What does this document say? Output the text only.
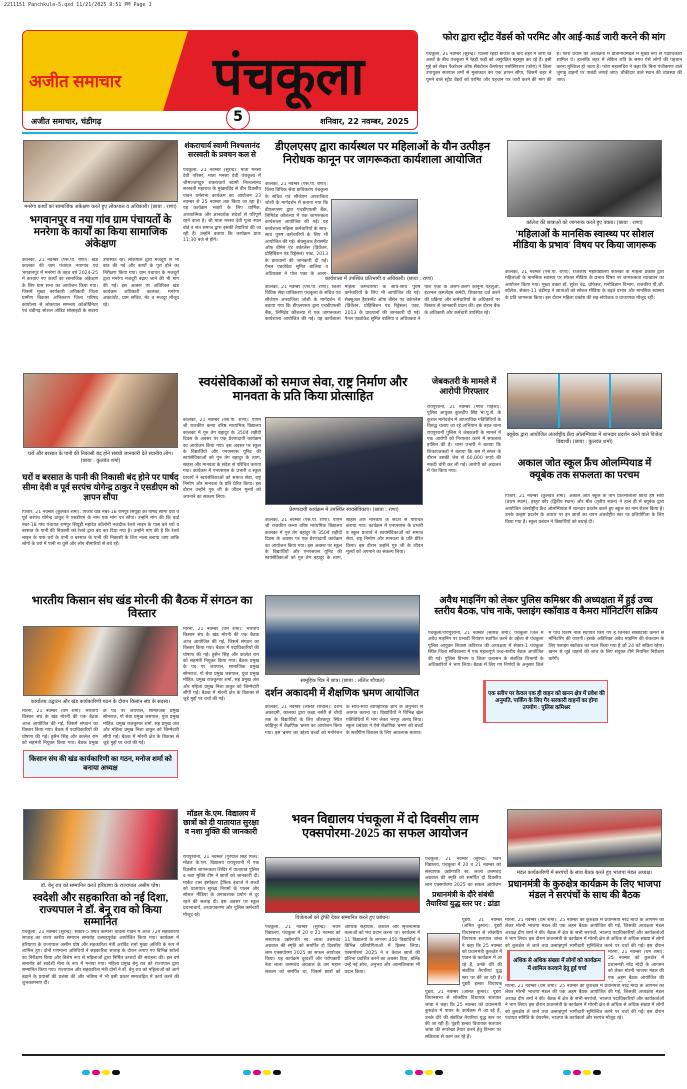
2211151 Panchkula-5.qxd 11/21/2025 9:51 PM Page 1
अजीत समाचार पंचकूला
अजीत समाचार, चंडीगढ़	शनिवार, 22 नवम्बर, 2025
5
फोरा द्वारा स्ट्रीट वेंडर्स को परमिट और आई-कार्ड जारी करने की मांग
पंचकूला, 21 नवम्बर (सुरेन्द्र): दिल्ली रेहड़ी बाजार के बाद शहर में जारी रेड अलर्ट के बीच पंचकूला में रेहड़ी फड़ी को असुरक्षित महसूस कर रहे हैं। इसी मुद्दे को लेकर फैडरेशन ऑफ सैक्टोरल वैलफेयर एसोसिएशन (फोरा) ने जिला उपायुक्त सतपाल शर्मा से मुलाकात कर एक ज्ञापन सौंपा, जिसमें शहर में घूमने वाले स्ट्रीट वेंडरों को परमिट और पहचान पत्र जारी करने की मांग की है। फोरा प्रधान की अध्यक्षता में प्रतिनिधिमंडल में मुख्य रूप से पदाधिकारी शामिल थे। हालांकि शहर में लेकिन रात्रि के समय ऐसे लोगों की पहचान करना मुश्किल हो जाता है। फोरा महासचिव ने कहा कि बिना पंजीकरण वाले जुगाड़ू वाहनों पर पाबंदी लगाई जाए। चौकीदार वाले स्थान की व्यवस्था की जाए।
मनरेगा कार्यों का सामाजिक अंकेक्षण करते हुए लोकपाल व अधिकारी। (छाया : राणा)
भगवानपुर व नया गांव ग्राम पंचायतों के मनरेगा के कार्यों का किया सामाजिक अंकेक्षण
कालका, 21 नवम्बर (एस.पी. राणा): खंड कालका की ग्राम पंचायत नयागांव एवं भगवानपुर में मनरेगा के तहत वर्ष 2024-25 में करवाए गए कार्यों का सामाजिक अंकेक्षण के लिए ग्राम सभा का आयोजन किया गया। जिसमें मुख्य कार्यकारी अधिकारी जिला ग्रामीण विकास अभिकरण जिला परिषद कार्यालय से लोकपाल समन्वय कोऑर्डिनेटर एवं चंडीगढ़ सोशल ऑडिट सोसाइटी के सदस्य उपस्थित रहे। लोकपाल द्वारा मजदूरों से भी बात की गई और कार्यों के पूरा होने का निरीक्षण किया गया। ग्राम पंचायत के मजदूरों द्वारा मनरेगा मजदूरी बढ़ाए जाने की भी मांग की गई। इस अवसर पर अतिरिक्त खंड कार्यक्रम अधिकारी कालका, मनरेगा अकाउंटेंट, ग्राम सचिव, मेट व मजदूर मौजूद रहे।
शंकराचार्य स्वामी निश्चलानंद सरस्वती के प्रवचन कल से
पंचकूला, 21 नवम्बर (सुरेन्द्र): माता मनसा देवी परिसर, माता मनसा देवी पंचकूला में श्रीमज्जगद्गुरु शंकराचार्य स्वामी निश्चलानंद सरस्वती महाराज के मुखारविंद से तीन दिवसीय पावन धर्मसभा कार्यक्रम का आयोजन 23 नवम्बर से 25 नवम्बर तक किया जा रहा है। यह कार्यक्रम भक्तों के लिए धार्मिक, आध्यात्मिक और ज्ञानवर्धक संदेशों से परिपूर्ण रहने वाला है। श्री माता मनसा देवी पूजा स्थल बोर्ड व संत समाज द्वारा इसकी तैयारियां की जा रही हैं। उन्होंने बताया कि कार्यक्रम प्रातः 11:30 बजे से होंगे।
डीएलएसए द्वारा कार्यस्थल पर महिलाओं के यौन उत्पीड़न निरोधक कानून पर जागरूकता कार्यशाला आयोजित
कार्यशाला में उपस्थित प्रतिभागी व अधिकारी। (छाया : राणा)
कालका, 21 नवम्बर (एस.पी. राणा): जिला विधिक सेवा प्राधिकरण पंचकूला के सचिव एवं सीजेएम अपराजिता जोशी के मार्गदर्शन में बताया गया कि डीएलएसए द्वारा एचडीएफसी बैंक, लिमिटेड कौशल्या में एक जागरूकता कार्यशाला आयोजित की गई। यह कार्यशाला महिला कर्मचारियों के साथ-साथ पुरुष कर्मचारियों के लिए भी आयोजित की गई। सेक्सुअल हैरासमेंट ऑफ वीमेन एट वर्कप्लेस (प्रिवेंशन, प्रोहिबिशन एंड रिड्रेसल) एक्ट, 2013 के प्रावधानों की जानकारी दी गई। पैनल एडवोकेट सुमित बालिया व अधिवक्ता ने पोश एक्ट के अलग-
कालका, 21 नवम्बर (एस.पी. राणा): जिला विधिक सेवा प्राधिकरण पंचकूला के सचिव एवं सीजेएम अपराजिता जोशी के मार्गदर्शन में बताया गया कि डीएलएसए द्वारा एचडीएफसी बैंक, लिमिटेड कौशल्या में एक जागरूकता कार्यशाला आयोजित की गई। यह कार्यशाला महिला कर्मचारियों के साथ-साथ पुरुष कर्मचारियों के लिए भी आयोजित की गई। सेक्सुअल हैरासमेंट ऑफ वीमेन एट वर्कप्लेस (प्रिवेंशन, प्रोहिबिशन एंड रिड्रेसल) एक्ट, 2013 के प्रावधानों की जानकारी दी गई। पैनल एडवोकेट सुमित बालिया व अधिवक्ता ने पोश एक्ट के अलग-अलग कानूनी पहलुओं, इंटरनल कम्प्लेंट्स कमेटी, शिकायत दर्ज करने की प्रक्रिया और कर्मचारियों के अधिकारों पर विस्तार से जानकारी प्रदान की। इस दौरान बैंक के अधिकारी और कर्मचारी उपस्थित रहे।
कॉलेज की छात्राओं को जागरूक करते हुए वक्ता। (छाया : राणा)
'महिलाओं के मानसिक स्वास्थ्य पर सोशल मीडिया के प्रभाव' विषय पर किया जागरूक
कालका, 21 नवम्बर (एस.पी. राणा): राजकीय महाविद्यालय कालका के महिला प्रकोष्ठ द्वारा महिलाओं के मानसिक स्वास्थ्य पर सोशल मीडिया के प्रभाव विषय पर जागरूकता व्याख्यान का आयोजन किया गया। मुख्य वक्ता डॉ. सुरेश चंद्र, प्रोफेसर, मनोविज्ञान विभाग, राजकीय पी.जी. कॉलेज, सेक्टर-11 चंडीगढ़ ने छात्राओं को सोशल मीडिया के बढ़ते प्रभाव और मानसिक स्वास्थ्य के प्रति जागरूक किया। इस दौरान महिला प्रकोष्ठ की सह-संयोजक व प्राध्यापक मौजूद रहीं।
घरों और बरसात के पानी की निकासी बंद होने संबंधी जानकारी देते स्थानीय लोग। (छाया : कुलवंत शर्मा)
घरों व बरसात के पानी की निकासी बंद होने पर पार्षद सीमा देवी व पूर्व सरपंच योगेन्द्र ठाकुर ने एसडीएम को ज्ञापन सौंपा
पिंजौर, 21 नवम्बर (कुलवंत शर्मा): पिंजौर वार्ड नंबर-18 रामपुर सियूड़ी की पार्षद सीमा देवी व पूर्व सरपंच योगेन्द्र ठाकुर ने एसडीएम के नाम एक मांग पत्र सौंपा। उन्होंने मांग की कि वार्ड नंबर-18 गांव पंचायत रामपुर सियूड़ी महादेव कॉलोनी नजदीक रेलवे लाइन के पास बने घरों व बरसात के पानी की निकासी को रेलवे द्वारा बंद कर दिया गया है। उन्होंने मांग की है कि रेलवे लाइन के पास घरों के पानी व बरसात के पानी की निकासी के लिए नाला बनाया जाए ताकि लोगों के घरों में पानी ना घुसे और लोग बीमारियों से बचे रहें।
स्वयंसेविकाओं को समाज सेवा, राष्ट्र निर्माण और मानवता के प्रति किया प्रोत्साहित
कालका, 21 नवम्बर (एस.पी. राणा): पीएम श्री राजकीय कन्या वरिष्ठ माध्यमिक विद्यालय कालका में गुरु तेग बहादुर के 350वें शहीदी दिवस के अवसर पर एक प्रेरणादायी कार्यक्रम का आयोजन किया गया। इस अवसर पर स्कूल के विद्यार्थियों और एनएसएस यूनिट की स्वयंसेविकाओं को गुरु तेग बहादुर के त्याग, साहस और मानवता के संदेश से परिचित कराया गया। कार्यक्रम में एनएसएस के प्रभारी व स्कूल प्राचार्य ने स्वयंसेविकाओं को समाज सेवा, राष्ट्र निर्माण और मानवता के प्रति प्रेरित किया। इस दौरान उन्होंने गुरु जी के जीवन मूल्यों को अपनाने का संकल्प लिया।
प्रेरणादायी कार्यक्रम में उपस्थित स्वयंसेविकाएं। (छाया : राणा)
कालका, 21 नवम्बर (एस.पी. राणा): पीएम श्री राजकीय कन्या वरिष्ठ माध्यमिक विद्यालय कालका में गुरु तेग बहादुर के 350वें शहीदी दिवस के अवसर पर एक प्रेरणादायी कार्यक्रम का आयोजन किया गया। इस अवसर पर स्कूल के विद्यार्थियों और एनएसएस यूनिट की स्वयंसेविकाओं को गुरु तेग बहादुर के त्याग, साहस और मानवता के संदेश से परिचित कराया गया। कार्यक्रम में एनएसएस के प्रभारी व स्कूल प्राचार्य ने स्वयंसेविकाओं को समाज सेवा, राष्ट्र निर्माण और मानवता के प्रति प्रेरित किया। इस दौरान उन्होंने गुरु जी के जीवन मूल्यों को अपनाने का संकल्प लिया।
जेबकतरी के मामले में आरोपी गिरफ्तार
रायपुररानी, 21 नवम्बर (नरेश गेहिला): पुलिस आयुक्त कुलदीप सिंह भा.पु.से. के कुशल मार्गदर्शन में आपराधिक गतिविधियों के विरुद्ध चलाए जा रहे अभियान के तहत थाना रायपुररानी पुलिस ने जेबकतरी के मामले में एक आरोपी को गिरफ्तार करने में सफलता हासिल की है। थाना प्रभारी ने बताया कि शिकायतकर्ता ने बताया कि बस में सफर के दौरान उसकी जेब से 60,000 रुपये की नकदी चोरी कर ली गई। आरोपी को अदालत में पेश किया गया।
क्यूबेक द्वारा आयोजित अंतर्राष्ट्रीय फ्रैंच ओलम्पियाड में शानदार प्रदर्शन करने वाले विजेता विद्यार्थी। (छाया : कुलवंत शर्मा)
अकाल जोत स्कूल फ्रैंच ओलम्पियाड में क्यूबेक तक सफलता का परचम
पिंजौर, 21 नवम्बर (कुलवंत शर्मा): अकाल जोत स्कूल के तीन प्रतिभाशाली छात्रों हर्ष सीरा (प्रथम स्थान), हरहुर कौर (द्वितीय स्थान) और मीत (तृतीय स्थान) ने हाल ही में क्यूबेक द्वारा आयोजित अंतर्राष्ट्रीय फ्रैंच ओलम्पियाड में शानदार प्रदर्शन करते हुए स्कूल का नाम रोशन किया है। उनके उत्कृष्ट प्रदर्शन के आधार पर इन छात्रों का चयन अंतर्राष्ट्रीय स्तर पर प्रतियोगिता के लिए किया गया है। स्कूल प्रबंधन ने विद्यार्थियों को बधाई दी।
भारतीय किसान संघ खंड मोरनी की बैठक में संगठन का विस्तार
कार्यालय उद्घाटन और खंड कार्यकारिणी गठन के दौरान किसान संघ के सदस्य।
मोरनी, 21 नवम्बर (धर्म शर्मा): भारतीय किसान संघ के खंड मोरनी की एक बैठक आज आयोजित की गई, जिसमें संगठन का विस्तार किया गया। बैठक में पदाधिकारियों की घोषणा की गई। हुसैन सिंह और कालेश राम को सहमंत्री नियुक्त किया गया। बैठक प्रमुख के पद पर जयपाल, सामाजिक प्रमुख सोमराज, गौ सेवा प्रमुख जसपाल, युवा प्रमुख मोहित, प्रमुख राजकुमार शर्मा, सह प्रमुख अंश और महिला प्रमुख निशा ठाकुर को जिम्मेदारी सौंपी गई। बैठक में मोरनी क्षेत्र के विकास से जुड़े मुद्दों पर चर्चा की गई।
किसान संघ की खंड कार्यकारिणी का गठन, मनोज शर्मा को बनाया अध्यक्ष
मोरनी, 21 नवम्बर (धर्म शर्मा): भारतीय किसान संघ के खंड मोरनी की एक बैठक आज आयोजित की गई, जिसमें संगठन का विस्तार किया गया। बैठक में पदाधिकारियों की घोषणा की गई। हुसैन सिंह और कालेश राम को सहमंत्री नियुक्त किया गया। बैठक प्रमुख के पद पर जयपाल, सामाजिक प्रमुख सोमराज, गौ सेवा प्रमुख जसपाल, युवा प्रमुख मोहित, प्रमुख राजकुमार शर्मा, सह प्रमुख अंश और महिला प्रमुख निशा ठाकुर को जिम्मेदारी सौंपी गई। बैठक में मोरनी क्षेत्र के विकास से जुड़े मुद्दों पर चर्चा की गई।
सामूहिक चित्र में छात्र। (छाया : ललित शौचाल)
दर्शन अकादमी में शैक्षणिक भ्रमण आयोजित
कालका, 21 नवम्बर (ललित शौचाल): दर्शन अकादमी, कालका द्वारा कक्षा नर्सरी से चौथी तक के विद्यार्थियों के लिए जीरकपुर स्थित कोहिनूर में शैक्षणिक भ्रमण का आयोजन किया गया। इस भ्रमण का उद्देश्य बच्चों को मनोरंजन के साथ-साथ व्यावहारिक ज्ञान के अनुभवों से अवगत कराना था। विद्यार्थियों ने विभिन्न खेल गतिविधियों में भाग लेकर भरपूर आनंद लिया। स्कूल प्रबंधक ने ऐसे शैक्षणिक भ्रमण को बच्चों के सर्वांगीण विकास के लिए आवश्यक बताया।
अवैध माइनिंग को लेकर पुलिस कमिश्नर की अध्यक्षता में हुई उच्च स्तरीय बैठक, पांच नाके, फ्लाइंग स्कॉवाड व कैमरा मॉनिटरिंग सक्रिय
पंचकूला/रायपुररानी, 21 नवम्बर (सतीश शर्मा): पंचकूला जिले में अवैध माइनिंग पर प्रभावी नियंत्रण स्थापित करने के उद्देश्य से पंचकूला पुलिस आयुक्त शिवास कविराज की अध्यक्षता में सेक्टर-1 पंचकूला स्थित जिला सचिवालय में एक महत्वपूर्ण उच्च-स्तरीय बैठक आयोजित की गई। पुलिस विभाग व जिला प्रशासन के संबंधित विभागों के अधिकारियों ने भाग लिया। बैठक में लिए गए निर्णयों के अनुसार जिले में पांच विशेष नाके स्थापित किए गए हैं जिनकी सीसीटीवी कैमरों से मॉनिटरिंग की जाएगी। इसके अतिरिक्त अवैध माइनिंग की रोकथाम के लिए फ्लाइंग स्कॉवाड का गठन किया गया है जो 24 घंटे सक्रिय रहेगा। खनन से जुड़े वाहनों की जांच के लिए संयुक्त टीमें नियमित निरीक्षण करेंगी।
एक स्लीप पर केवल एक ही वाहन को खनन क्षेत्र में प्रवेश की अनुमति, पार्किंग के लिए गैर-सरकारी वाहनों का होगा उपयोग : पुलिस कमिश्नर
डॉ. बेनू राव को सम्मानित करते हरियाणा के राज्यपाल असीम घोष।
स्वदेशी और सहकारिता को नई दिशा, राज्यपाल ने डॉ. बेनू राव को किया सम्मानित
पंचकूला, 21 नवम्बर (सुरेन्द्र): सैक्टर-5 स्थित कल्पना चावला गार्डन में आज 72वें सहकारिता सप्ताह का राज्य स्तरीय समापन समारोह उत्साहपूर्वक आयोजित किया गया। कार्यक्रम में हरियाणा के राज्यपाल असीम घोष और सहकारिता मंत्री अरविंद शर्मा मुख्य अतिथि के रूप में शामिल हुए। दोनों गणमान्य अतिथियों ने सहकारिता सप्ताह के दौरान लगाए गए विभिन्न स्टॉलों का निरीक्षण किया और विशेष रूप से महिलाओं द्वारा निर्मित उत्पादों की सराहना की। इस वर्ष समारोह को स्वदेशी मेला के रूप में मनाया गया। महिला प्रमुख बेनू राव को राज्यपाल द्वारा सम्मानित किया गया। राज्यपाल और सहकारिता मंत्री दोनों ने डॉ. बेनू राव को महिलाओं को आगे बढ़ाने के प्रयासों की प्रशंसा की और भविष्य में भी इसी प्रकार समाजहित में कार्य करने की शुभकामनाएं दीं।
मॉडल के.एम. विद्यालय में छात्रों को दी यातायात सुरक्षा व नशा मुक्ति की जानकारी
रायपुररानी, 21 नवम्बर (गुरपाल सिंह गिल): मॉडल के.एम. विद्यालय रायपुररानी में एक दिवसीय जागरूकता शिविर में यातायात पुलिस व नशा मुक्ति टीम ने छात्रों को जानकारी दी। मार्केट टास इंस्पेक्टर ट्रैफिक इंचार्ज ने बच्चों को यातायात सुरक्षा नियमों के पालन और सोशल मीडिया के अनावश्यक प्रयोग से दूर रहने की सलाह दी। इस अवसर पर स्कूल प्रधानाचार्य, अध्यापकगण और पुलिस कर्मचारी मौजूद रहे।
भवन विद्यालय पंचकूला में दो दिवसीय लाम एक्सपोरमा-2025 का सफल आयोजन
विजेताओं को ट्रॉफी देकर सम्मानित करते हुए प्रबंधन।
पंचकूला, 21 नवम्बर (सुरेन्द्र): भवन विद्यालय, पंचकूला में 20 व 21 नवम्बर को संस्थापक उद्योगपति स्व. लाला उत्तमचंद अग्रवाल की स्मृति को समर्पित दो दिवसीय लाम एक्सपोरमा 2025 का सफल आयोजन किया। यह कार्यक्रम दूरदर्शी और परोपकारी नेता लाला उत्तमचंद अग्रवाल के उस महान संकल्प को समर्पित था, जिसमें छात्रों को आर्थिक सहायता, कौशल और सृजनात्मक कलाओं को मंच प्रदान करना था। कार्यक्रम में 11 विद्यालयों के लगभग 450 विद्यार्थियों ने विभिन्न प्रतियोगिताओं में हिस्सा लिया। एक्सपोरमा 2025 ने न केवल छात्रों की प्रतिभा प्रदर्शित करने का अवसर दिया, बल्कि उन्हें नई सोच, अनुभव और आत्मविश्वास भी प्रदान किया।
पंचकूला, 21 नवम्बर (सुरेन्द्र): भवन विद्यालय, पंचकूला में 20 व 21 नवम्बर को संस्थापक उद्योगपति स्व. लाला उत्तमचंद अग्रवाल की स्मृति को समर्पित दो दिवसीय लाम एक्सपोरमा 2025 का सफल आयोजन
प्रधानमंत्री के दौरे संबंधी तैयारियां युद्ध स्तर पर : ढांडा
पूंडरी, 21 नवम्बर (अमित कुमार): पूंडरी विधानसभा से लोकप्रिय विधायक सतपाल जांबा ने कहा कि 25 नवम्बर को प्रधानमंत्री कुरुक्षेत्र में पावन के कार्यक्रम में आ रहे हैं, उनके दौरे की संबंधित तैयारियां युद्ध स्तर पर की जा रही हैं। पूंडरी हल्का विधायक
पूंडरी, 21 नवम्बर (अमित कुमार): पूंडरी विधानसभा से लोकप्रिय विधायक सतपाल जांबा ने कहा कि 25 नवम्बर को प्रधानमंत्री कुरुक्षेत्र में पावन के कार्यक्रम में आ रहे हैं, उनके दौरे की संबंधित तैयारियां युद्ध स्तर पर की जा रही हैं। पूंडरी हल्का विधायक सतपाल जांबा की रूपरेखा तैयार करने हेतु विभाग पर सक्रियता से काम कर रहे हैं।
मंडल कार्यकारिणी में सरपंचों के साथ बैठक करते हुए भाजपा मंडल अध्यक्ष।
प्रधानमंत्री के कुरुक्षेत्र कार्यक्रम के लिए भाजपा मंडल ने सरपंचों के साथ की बैठक
मोरनी, 21 नवम्बर (धर्म शर्मा): 25 नवम्बर को कुरुक्षेत्र में प्रधानमंत्री नरेंद्र मोदी के आगमन को लेकर मोरनी भाजपा मंडल की एक अहम बैठक आयोजित की गई, जिसकी अध्यक्षता मंडल अध्यक्ष दीप शर्मा ने की। बैठक में क्षेत्र के सभी सरपंचों, भाजपा पदाधिकारियों और कार्यकर्ताओं ने भाग लिया। इस दौरान प्रधानमंत्री के कार्यक्रम में मोरनी क्षेत्र से अधिक से अधिक संख्या में लोगों को कुरुक्षेत्र ले जाने तथा उत्साहपूर्ण भागीदारी सुनिश्चित करने पर चर्चा की गई। इस दौरान
अधिक से अधिक संख्या में लोगों को कार्यक्रम में शामिल करवाने हेतु हुई चर्चा
मोरनी, 21 नवम्बर (धर्म शर्मा): 25 नवम्बर को कुरुक्षेत्र में प्रधानमंत्री नरेंद्र मोदी के आगमन को लेकर मोरनी भाजपा मंडल की एक अहम बैठक आयोजित की
मोरनी, 21 नवम्बर (धर्म शर्मा): 25 नवम्बर को कुरुक्षेत्र में प्रधानमंत्री नरेंद्र मोदी के आगमन को लेकर मोरनी भाजपा मंडल की एक अहम बैठक आयोजित की गई, जिसकी अध्यक्षता मंडल अध्यक्ष दीप शर्मा ने की। बैठक में क्षेत्र के सभी सरपंचों, भाजपा पदाधिकारियों और कार्यकर्ताओं ने भाग लिया। इस दौरान प्रधानमंत्री के कार्यक्रम में मोरनी क्षेत्र से अधिक से अधिक संख्या में लोगों को कुरुक्षेत्र ले जाने तथा उत्साहपूर्ण भागीदारी सुनिश्चित करने पर चर्चा की गई। इस दौरान पंचायत समिति के चेयरमैन, भाजपा के कार्यकर्ता और सरपंच मौजूद रहे।
